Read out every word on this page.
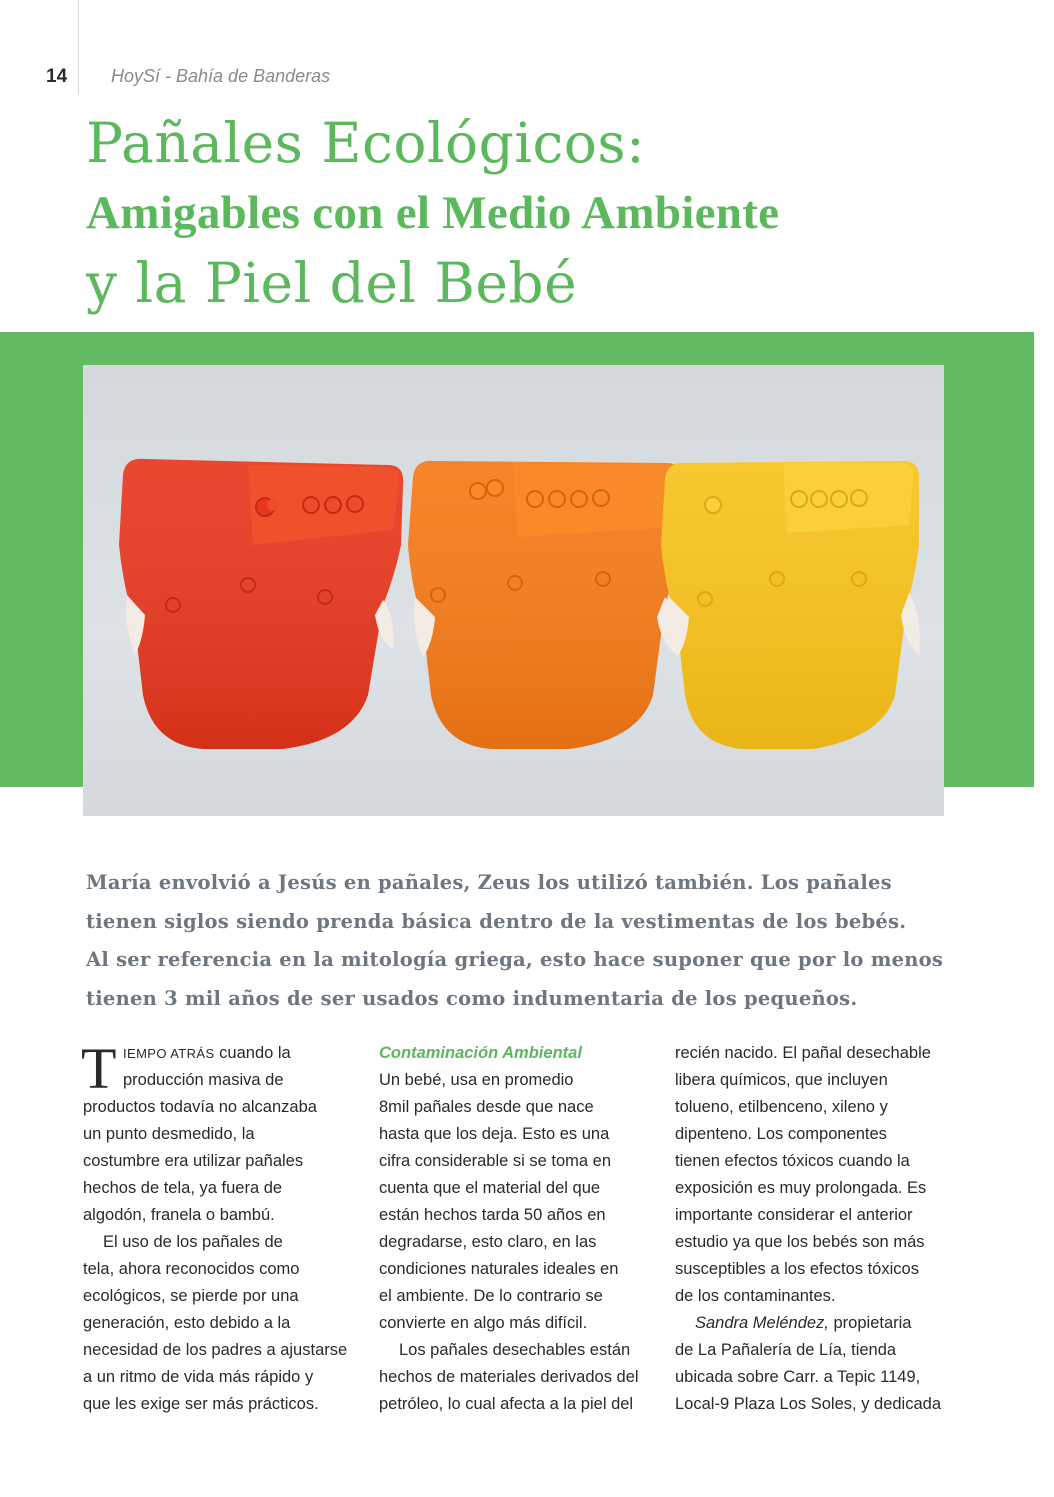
14 HoySí - Bahía de Banderas
Pañales Ecológicos:
Amigables con el Medio Ambiente
y la Piel del Bebé

María envolvió a Jesús en pañales, Zeus los utilizó también. Los pañales
tienen siglos siendo prenda básica dentro de la vestimentas de los bebés.
Al ser referencia en la mitología griega, esto hace suponer que por lo menos
tienen 3 mil años de ser usados como indumentaria de los pequeños.

T IEMPO ATRÁS cuando la
producción masiva de
productos todavía no alcanzaba
un punto desmedido, la
costumbre era utilizar pañales
hechos de tela, ya fuera de
algodón, franela o bambú.
El uso de los pañales de
tela, ahora reconocidos como
ecológicos, se pierde por una
generación, esto debido a la
necesidad de los padres a ajustarse
a un ritmo de vida más rápido y
que les exige ser más prácticos.
Contaminación Ambiental
Un bebé, usa en promedio
8mil pañales desde que nace
hasta que los deja. Esto es una
cifra considerable si se toma en
cuenta que el material del que
están hechos tarda 50 años en
degradarse, esto claro, en las
condiciones naturales ideales en
el ambiente. De lo contrario se
convierte en algo más difícil.
Los pañales desechables están
hechos de materiales derivados del
petróleo, lo cual afecta a la piel del
recién nacido. El pañal desechable
libera químicos, que incluyen
tolueno, etilbenceno, xileno y
dipenteno. Los componentes
tienen efectos tóxicos cuando la
exposición es muy prolongada. Es
importante considerar el anterior
estudio ya que los bebés son más
susceptibles a los efectos tóxicos
de los contaminantes.
Sandra Meléndez, propietaria
de La Pañalería de Lía, tienda
ubicada sobre Carr. a Tepic 1149,
Local-9 Plaza Los Soles, y dedicada
